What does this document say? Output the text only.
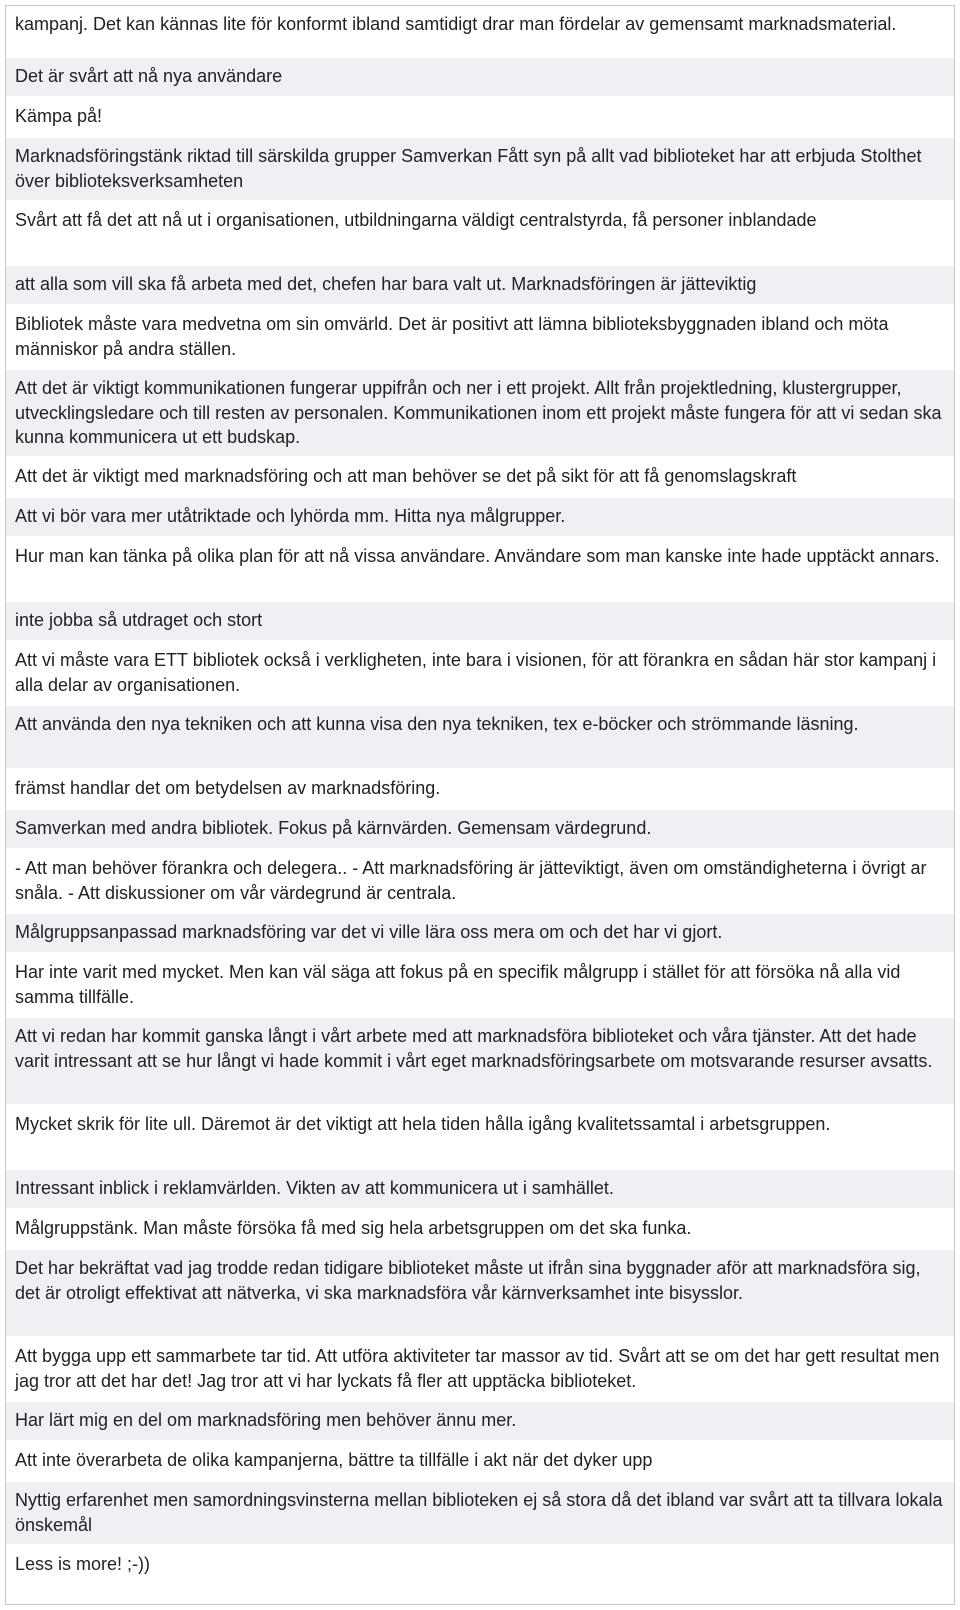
kampanj. Det kan kännas lite för konformt ibland samtidigt drar man fördelar av gemensamt marknadsmaterial.
Det är svårt att nå nya användare
Kämpa på!
Marknadsföringstänk riktad till särskilda grupper Samverkan Fått syn på allt vad biblioteket har att erbjuda Stolthet över biblioteksverksamheten
Svårt att få det att nå ut i organisationen, utbildningarna väldigt centralstyrda, få personer inblandade
att alla som vill ska få arbeta med det, chefen har bara valt ut. Marknadsföringen är jätteviktig
Bibliotek måste vara medvetna om sin omvärld. Det är positivt att lämna biblioteksbyggnaden ibland och möta människor på andra ställen.
Att det är viktigt kommunikationen fungerar uppifrån och ner i ett projekt. Allt från projektledning, klustergrupper, utvecklingsledare och till resten av personalen. Kommunikationen inom ett projekt måste fungera för att vi sedan ska kunna kommunicera ut ett budskap.
Att det är viktigt med marknadsföring och att man behöver se det på sikt för att få genomslagskraft
Att vi bör vara mer utåtriktade och lyhörda mm. Hitta nya målgrupper.
Hur man kan tänka på olika plan för att nå vissa användare. Användare som man kanske inte hade upptäckt annars.
inte jobba så utdraget och stort
Att vi måste vara ETT bibliotek också i verkligheten, inte bara i visionen, för att förankra en sådan här stor kampanj i alla delar av organisationen.
Att använda den nya tekniken och att kunna visa den nya tekniken, tex e-böcker och strömmande läsning.
främst handlar det om betydelsen av marknadsföring.
Samverkan med andra bibliotek. Fokus på kärnvärden. Gemensam värdegrund.
- Att man behöver förankra och delegera.. - Att marknadsföring är jätteviktigt, även om omständigheterna i övrigt ar snåla. - Att diskussioner om vår värdegrund är centrala.
Målgruppsanpassad marknadsföring var det vi ville lära oss mera om och det har vi gjort.
Har inte varit med mycket. Men kan väl säga att fokus på en specifik målgrupp i stället för att försöka nå alla vid samma tillfälle.
Att vi redan har kommit ganska långt i vårt arbete med att marknadsföra biblioteket och våra tjänster. Att det hade varit intressant att se hur långt vi hade kommit i vårt eget marknadsföringsarbete om motsvarande resurser avsatts.
Mycket skrik för lite ull. Däremot är det viktigt att hela tiden hålla igång kvalitetssamtal i arbetsgruppen.
Intressant inblick i reklamvärlden. Vikten av att kommunicera ut i samhället.
Målgruppstänk. Man måste försöka få med sig hela arbetsgruppen om det ska funka.
Det har bekräftat vad jag trodde redan tidigare biblioteket måste ut ifrån sina byggnader aför att marknadsföra sig, det är otroligt effektivat att nätverka, vi ska marknadsföra vår kärnverksamhet inte bisysslor.
Att bygga upp ett sammarbete tar tid. Att utföra aktiviteter tar massor av tid. Svårt att se om det har gett resultat men jag tror att det har det! Jag tror att vi har lyckats få fler att upptäcka biblioteket.
Har lärt mig en del om marknadsföring men behöver ännu mer.
Att inte överarbeta de olika kampanjerna, bättre ta tillfälle i akt när det dyker upp
Nyttig erfarenhet men samordningsvinsterna mellan biblioteken ej så stora då det ibland var svårt att ta tillvara lokala önskemål
Less is more! ;-))
